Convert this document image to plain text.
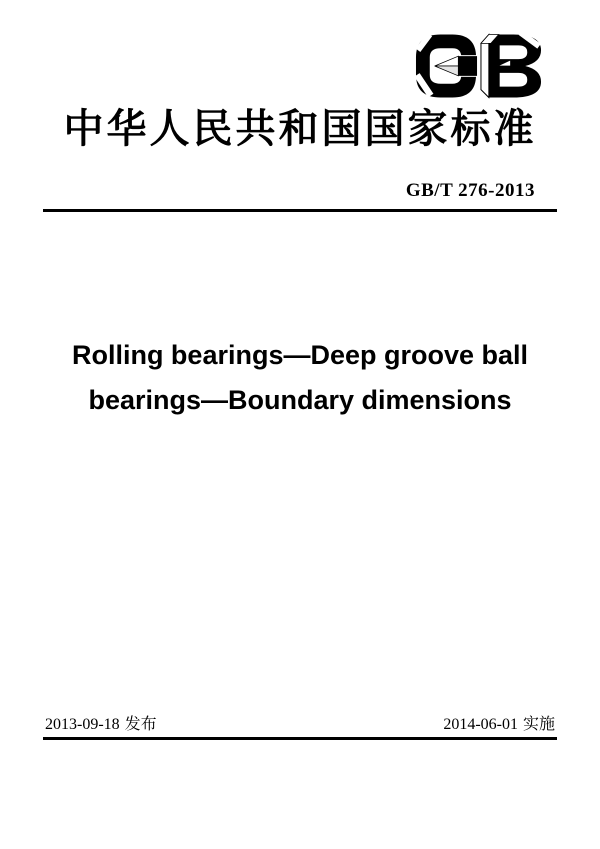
中华人民共和国国家标准
GB/T 276-2013
Rolling bearings—Deep groove ball
bearings—Boundary dimensions
2013-09-18 发布	2014-06-01 实施
